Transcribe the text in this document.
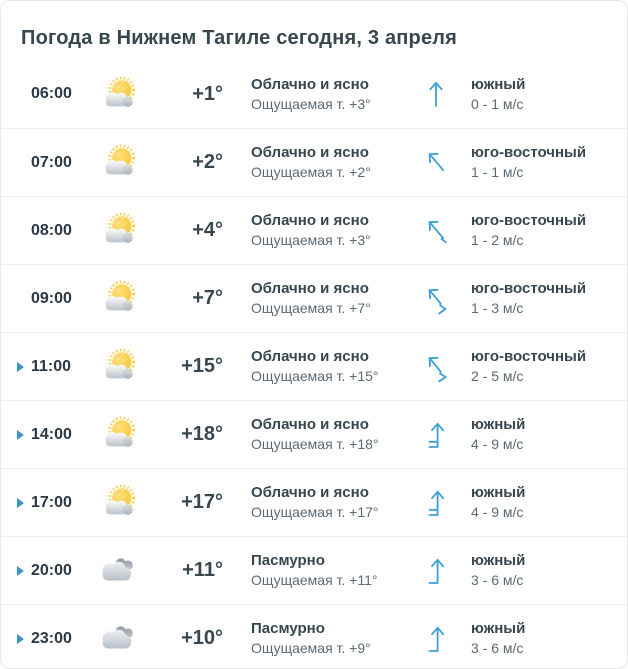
Погода в Нижнем Тагиле сегодня, 3 апреля
06:00	+1° Облачно и ясно
Ощущаемая т. +3°
южный
0 - 1 м/с
07:00	+2° Облачно и ясно
Ощущаемая т. +2°
юго-восточный
1 - 1 м/с
08:00	+4° Облачно и ясно
Ощущаемая т. +3°
юго-восточный
1 - 2 м/с
09:00	+7° Облачно и ясно
Ощущаемая т. +7°
юго-восточный
1 - 3 м/с
11:00	+15° Облачно и ясно
Ощущаемая т. +15°
юго-восточный
2 - 5 м/с
14:00	+18° Облачно и ясно
Ощущаемая т. +18°
южный
4 - 9 м/с
17:00	+17° Облачно и ясно
Ощущаемая т. +17°
южный
4 - 9 м/с
20:00	+11° Пасмурно
Ощущаемая т. +11°
южный
3 - 6 м/с
23:00	+10° Пасмурно
Ощущаемая т. +9°
южный
3 - 6 м/с
